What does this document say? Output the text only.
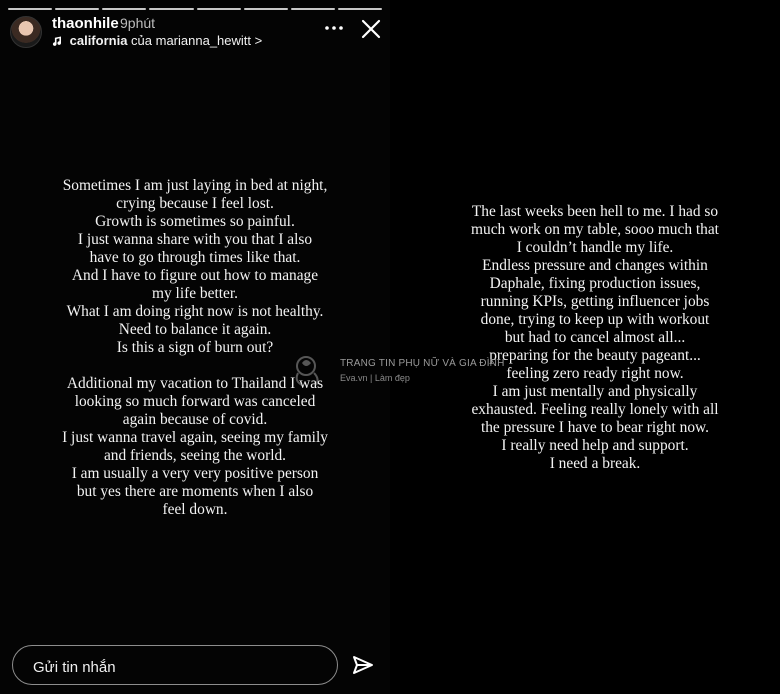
thaonhile 9phút
california của marianna_hewitt >

Sometimes I am just laying in bed at night,

crying because I feel lost.

Growth is sometimes so painful.

I just wanna share with you that I also

have to go through times like that.

And I have to figure out how to manage

my life better.

What I am doing right now is not healthy.

Need to balance it again.

Is this a sign of burn out?

Additional my vacation to Thailand I was

looking so much forward was canceled

again because of covid.

I just wanna travel again, seeing my family

and friends, seeing the world.

I am usually a very very positive person

but yes there are moments when I also

feel down.

The last weeks been hell to me. I had so

much work on my table, sooo much that

I couldn’t handle my life.

Endless pressure and changes within

Daphale, fixing production issues,

running KPIs, getting influencer jobs

done, trying to keep up with workout

but had to cancel almost all...

preparing for the beauty pageant...

feeling zero ready right now.

I am just mentally and physically

exhausted. Feeling really lonely with all

the pressure I have to bear right now.

I really need help and support.

I need a break.

TRANG TIN PHỤ NỮ VÀ GIA ĐÌNH
Eva.vn | Làm đẹp
Gửi tin nhắn
